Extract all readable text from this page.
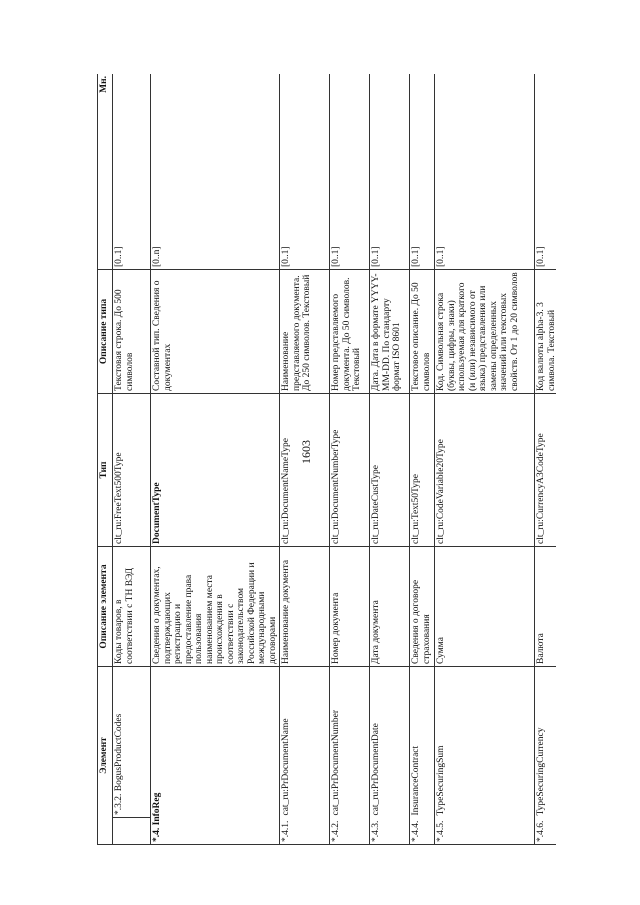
1603
Элемент		Описание элемента	Тип	Описание типа	Мн.
	*.3.2. BogusProductCodes	Коды товаров, в соответствии с ТН ВЭД	clt_ru:FreeText500Type	Текстовая строка. До 500 символов	[0..1]
*.4. InfoReg		Сведения о документах, подтверждающих регистрацию и предоставление права пользования наименованием места происхождения в соответствии с законодательством Российской Федерации и международными договорами	DocumentType	Составной тип. Сведения о документах	[0..n]
*.4.1.	cat_ru:PrDocumentName	Наименование документа	clt_ru:DocumentNameType	Наименование представляемого документа. До 250 символов. Текстовый	[0..1]
*.4.2.	cat_ru:PrDocumentNumber	Номер документа	clt_ru:DocumentNumberType	Номер представляемого документа. До 50 символов. Текстовый	[0..1]
*.4.3.	cat_ru:PrDocumentDate	Дата документа	clt_ru:DateCustType	Дата. Дата в формате YYYY-MM-DD. По стандарту формат ISO 8601	[0..1]
*.4.4.	InsuranceContract	Сведения о договоре страхования	clt_ru:Text50Type	Текстовое описание. До 50 символов	[0..1]
*.4.5.	TypeSecuringSum	Сумма	clt_ru:CodeVariable20Type	Код. Символьная строка (буквы, цифры, знаки) используемая для краткого (и (или) независимого от языка) представления или замены определенных значений или текстовых свойств. От 1 до 20 символов	[0..1]
*.4.6.	TypeSecuringCurrency	Валюта	clt_ru:CurrencyA3CodeType	Код валюты alpha-3. 3 символа. Текстовый	[0..1]
